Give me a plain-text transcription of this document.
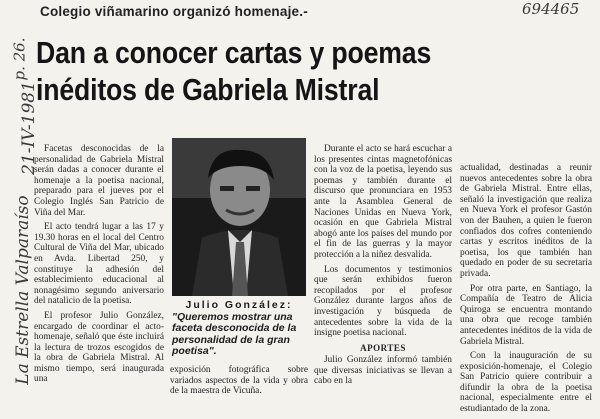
Colegio viñamarino organizó homenaje.-
Dan a conocer cartas y poemas
inéditos de Gabriela Mistral
694465
p. 26.
21-IV-1981
La Estrella Valparaíso

Facetas desconocidas de la personalidad de Gabriela Mistral serán dadas a conocer durante el homenaje a la poetisa nacional, preparado para el jueves por el Colegio Inglés San Patricio de Viña del Mar.

El acto tendrá lugar a las 17 y 19.30 horas en el local del Centro Cultural de Viña del Mar, ubicado en Avda. Libertad 250, y constituye la adhesión del establecimiento educacional al nonagésimo segundo aniversario del natalicio de la poetisa.

El profesor Julio González, encargado de coordinar el acto-homenaje, señaló que éste incluirá la lectura de trozos escogidos de la obra de Gabriela Mistral. Al mismo tiempo, será inaugurada una

Julio González:
"Queremos mostrar una faceta desconocida de la personalidad de la gran poetisa".
exposición fotográfica sobre variados aspectos de la vida y obra de la maestra de Vicuña.

Durante el acto se hará escuchar a los presentes cintas magnetofónicas con la voz de la poetisa, leyendo sus poemas y también durante el discurso que pronunciara en 1953 ante la Asamblea General de Naciones Unidas en Nueva York, ocasión en que Gabriela Mistral abogó ante los países del mundo por el fin de las guerras y la mayor protección a la niñez desvalida.

Los documentos y testimonios que serán exhibidos fueron recopilados por el profesor González durante largos años de investigación y búsqueda de antecedentes sobre la vida de la insigne poetisa nacional.

APORTES

Julio González informó también que diversas iniciativas se llevan a cabo en la

actualidad, destinadas a reunir nuevos antecedentes sobre la obra de Gabriela Mistral. Entre ellas, señaló la investigación que realiza en Nueva York el profesor Gastón von der Bauhen, a quien le fueron confiados dos cofres conteniendo cartas y escritos inéditos de la poetisa, los que también han quedado en poder de su secretaria privada.

Por otra parte, en Santiago, la Compañía de Teatro de Alicia Quiroga se encuentra montando una obra que recoge también antecedentes inéditos de la vida de Gabriela Mistral.

Con la inauguración de su exposición-homenaje, el Colegio San Patricio quiere contribuir a difundir la obra de la poetisa nacional, especialmente entre el estudiantado de la zona.
